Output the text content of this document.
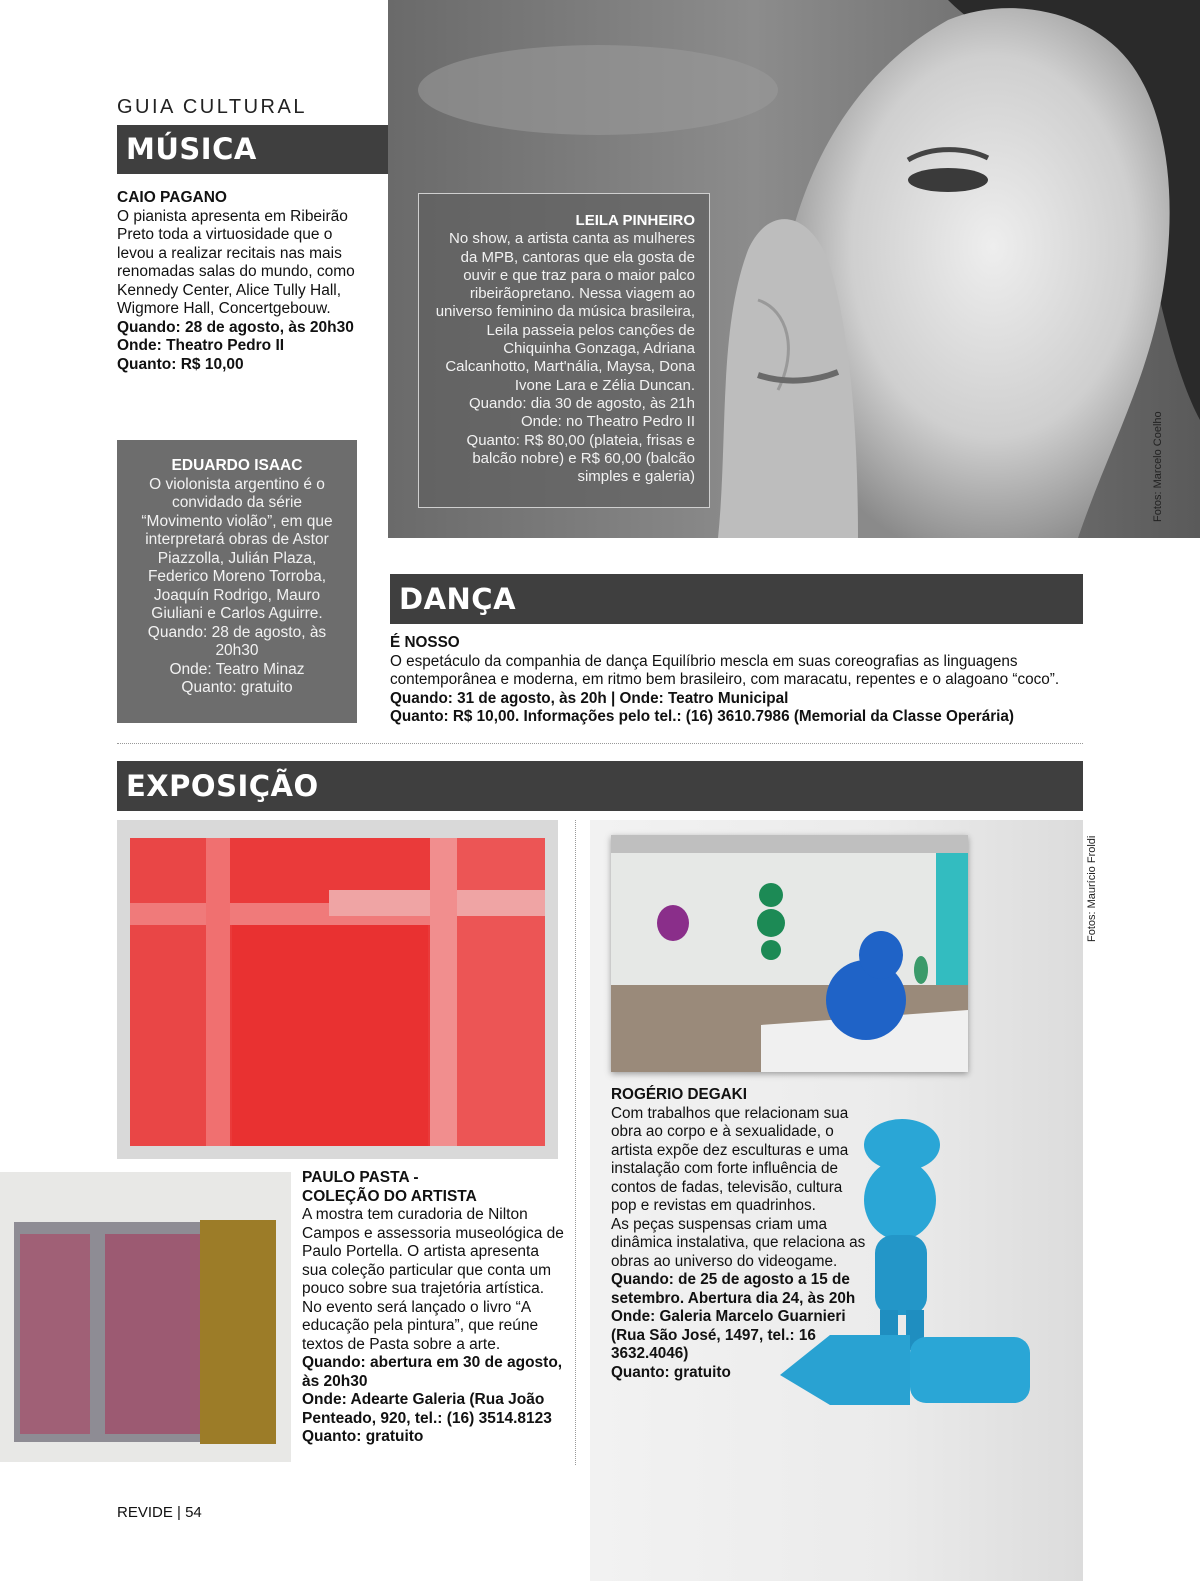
GUIA CULTURAL
Fotos: Marcelo Coelho
MÚSICA
CAIO PAGANO
O pianista apresenta em Ribeirão Preto toda a virtuosidade que o levou a realizar recitais nas mais renomadas salas do mundo, como Kennedy Center, Alice Tully Hall, Wigmore Hall, Concertgebouw.
Quando: 28 de agosto, às 20h30
Onde: Theatro Pedro II
Quanto: R$ 10,00
EDUARDO ISAAC
O violonista argentino é o convidado da série “Movimento violão”, em que interpretará obras de Astor Piazzolla, Julián Plaza, Federico Moreno Torroba, Joaquín Rodrigo, Mauro Giuliani e Carlos Aguirre.
Quando: 28 de agosto, às 20h30
Onde: Teatro Minaz
Quanto: gratuito
LEILA PINHEIRO
No show, a artista canta as mulheres da MPB, cantoras que ela gosta de ouvir e que traz para o maior palco ribeirãopretano. Nessa viagem ao universo feminino da música brasileira, Leila passeia pelos canções de Chiquinha Gonzaga, Adriana Calcanhotto, Mart'nália, Maysa, Dona Ivone Lara e Zélia Duncan.
Quando: dia 30 de agosto, às 21h
Onde: no Theatro Pedro II
Quanto: R$ 80,00 (plateia, frisas e balcão nobre) e R$ 60,00 (balcão simples e galeria)
DANÇA
É NOSSO
O espetáculo da companhia de dança Equilíbrio mescla em suas coreografias as linguagens contemporânea e moderna, em ritmo bem brasileiro, com maracatu, repentes e o alagoano “coco”.
Quando: 31 de agosto, às 20h | Onde: Teatro Municipal
Quanto: R$ 10,00. Informações pelo tel.: (16) 3610.7986 (Memorial da Classe Operária)
EXPOSIÇÃO
Fotos: Maurício Froldi
PAULO PASTA -
COLEÇÃO DO ARTISTA
A mostra tem curadoria de Nilton Campos e assessoria museológica de Paulo Portella. O artista apresenta sua coleção particular que conta um pouco sobre sua trajetória artística. No evento será lançado o livro “A educação pela pintura”, que reúne textos de Pasta sobre a arte.
Quando: abertura em 30 de agosto, às 20h30
Onde: Adearte Galeria (Rua João Penteado, 920, tel.: (16) 3514.8123
Quanto: gratuito
ROGÉRIO DEGAKI
Com trabalhos que relacionam sua obra ao corpo e à sexualidade, o artista expõe dez esculturas e uma instalação com forte influência de contos de fadas, televisão, cultura pop e revistas em quadrinhos.
As peças suspensas criam uma dinâmica instalativa, que relaciona as obras ao universo do videogame.
Quando: de 25 de agosto a 15 de setembro. Abertura dia 24, às 20h
Onde: Galeria Marcelo Guarnieri (Rua São José, 1497, tel.: 16 3632.4046)
Quanto: gratuito
REVIDE | 54
